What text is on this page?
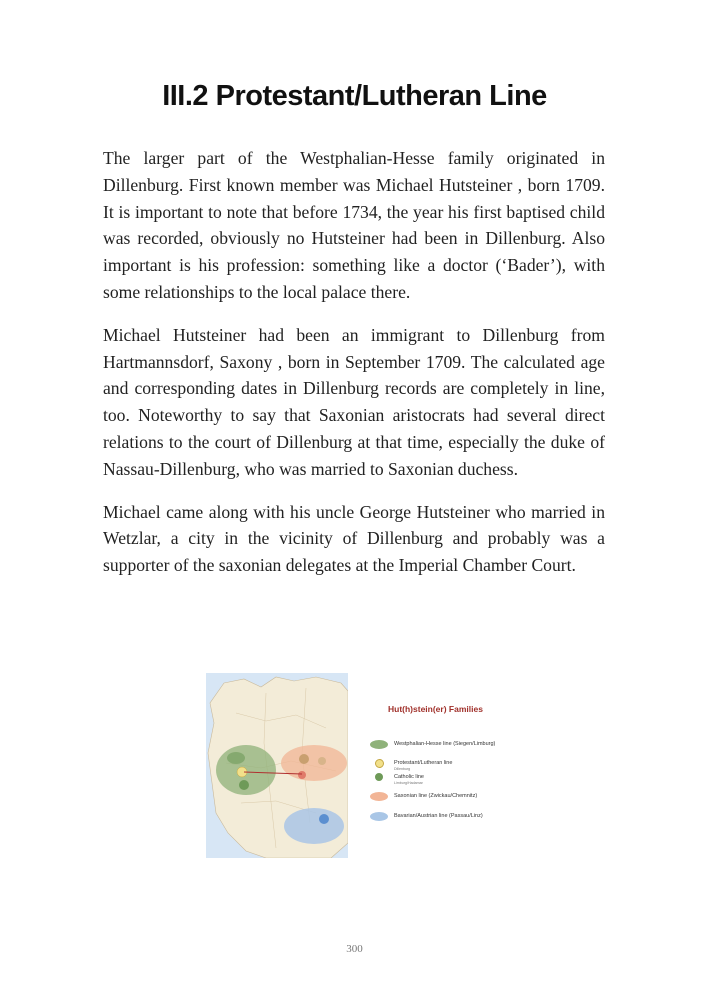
III.2 Protestant/Lutheran Line

The larger part of the Westphalian-Hesse family originated in Dillenburg. First known member was Michael Hutsteiner , born 1709. It is important to note that before 1734, the year his first baptised child was recorded, obviously no Hutsteiner had been in Dillenburg. Also important is his profession: something like a doctor (‘Bader’), with some relationships to the local palace there.

Michael Hutsteiner had been an immigrant to Dillenburg from Hartmannsdorf, Saxony , born in September 1709. The calculated age and corresponding dates in Dillenburg records are completely in line, too. Noteworthy to say that Saxonian aristocrats had several direct relations to the court of Dillenburg at that time, especially the duke of Nassau-Dillenburg, who was married to Saxonian duchess.

Michael came along with his uncle George Hutsteiner who married in Wetzlar, a city in the vicinity of Dillenburg and probably was a supporter of the saxonian delegates at the Imperial Chamber Court.

Hut(h)stein(er) Families
Westphalian-Hesse line (Siegen/Limburg)
Protestant/Lutheran line
Dillenburg
Catholic line
Limburg/Hadamar
Saxonian line (Zwickau/Chemnitz)
Bavarian/Austrian line (Passau/Linz)
300
